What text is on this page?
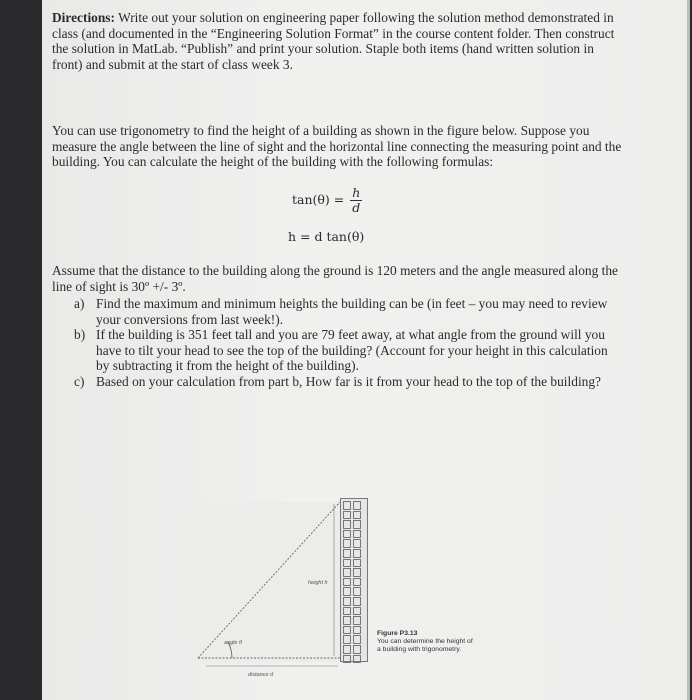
Directions: Write out your solution on engineering paper following the solution method demonstrated in class (and documented in the “Engineering Solution Format” in the course content folder. Then construct the solution in MatLab. “Publish” and print your solution. Staple both items (hand written solution in front) and submit at the start of class week 3.
You can use trigonometry to find the height of a building as shown in the figure below. Suppose you measure the angle between the line of sight and the horizontal line connecting the measuring point and the building. You can calculate the height of the building with the following formulas:
$\tan(\theta) = \frac{h}{d}$
h = d tan(θ)
Assume that the distance to the building along the ground is 120 meters and the angle measured along the line of sight is 30º +/- 3º.
a) Find the maximum and minimum heights the building can be (in feet – you may need to review your conversions from last week!).
b) If the building is 351 feet tall and you are 79 feet away, at what angle from the ground will you have to tilt your head to see the top of the building? (Account for your height in this calculation by subtracting it from the height of the building).
c) Based on your calculation from part b, How far is it from your head to the top of the building?
angle θ
distance d
height h
Figure P3.13
You can determine the height of a building with trigonometry.
